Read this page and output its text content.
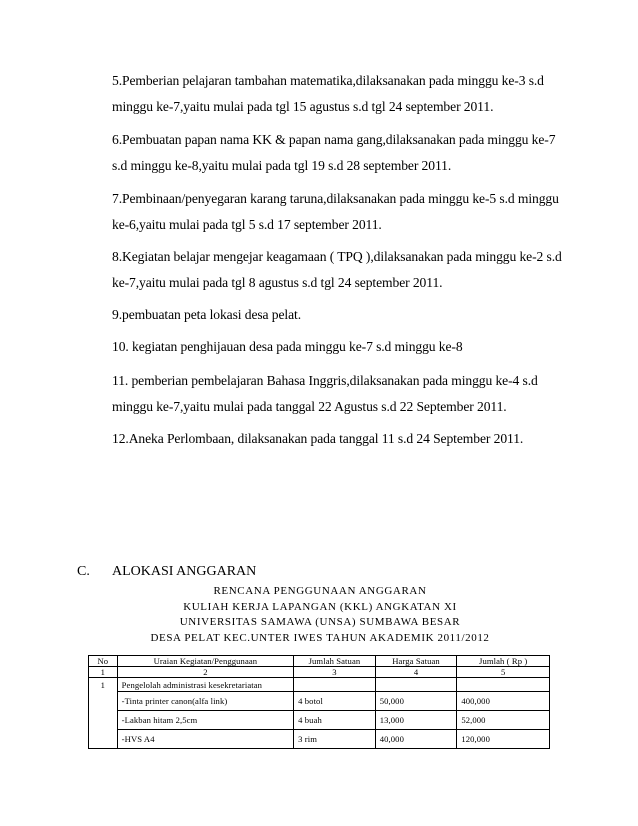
5.Pemberian pelajaran tambahan matematika,dilaksanakan pada minggu ke-3 s.d minggu ke-7,yaitu mulai pada tgl 15 agustus s.d tgl 24 september 2011.
6.Pembuatan papan nama KK & papan nama gang,dilaksanakan pada minggu ke-7 s.d minggu ke-8,yaitu mulai pada tgl 19 s.d 28 september 2011.
7.Pembinaan/penyegaran karang taruna,dilaksanakan pada minggu ke-5 s.d minggu ke-6,yaitu mulai pada tgl 5 s.d 17 september 2011.
8.Kegiatan belajar mengejar keagamaan ( TPQ ),dilaksanakan pada minggu ke-2 s.d ke-7,yaitu mulai pada tgl 8 agustus s.d tgl 24 september 2011.
9.pembuatan peta lokasi desa pelat.
10. kegiatan penghijauan desa pada minggu ke-7 s.d minggu ke-8
11. pemberian pembelajaran Bahasa Inggris,dilaksanakan pada minggu ke-4 s.d minggu ke-7,yaitu mulai pada tanggal 22 Agustus s.d 22 September 2011.
12.Aneka Perlombaan, dilaksanakan pada tanggal 11 s.d 24 September 2011.
C. ALOKASI ANGGARAN
RENCANA PENGGUNAAN ANGGARAN
KULIAH KERJA LAPANGAN (KKL) ANGKATAN XI
UNIVERSITAS SAMAWA (UNSA) SUMBAWA BESAR
DESA PELAT KEC.UNTER IWES TAHUN AKADEMIK 2011/2012
No	Uraian Kegiatan/Penggunaan	Jumlah Satuan	Harga Satuan	Jumlah ( Rp )
1	2	3	4	5
1	Pengelolah administrasi kesekretariatan			
	-Tinta printer canon(alfa link)	4 botol	50,000	400,000
	-Lakban hitam 2,5cm	4 buah	13,000	52,000
	-HVS A4	3 rim	40,000	120,000
